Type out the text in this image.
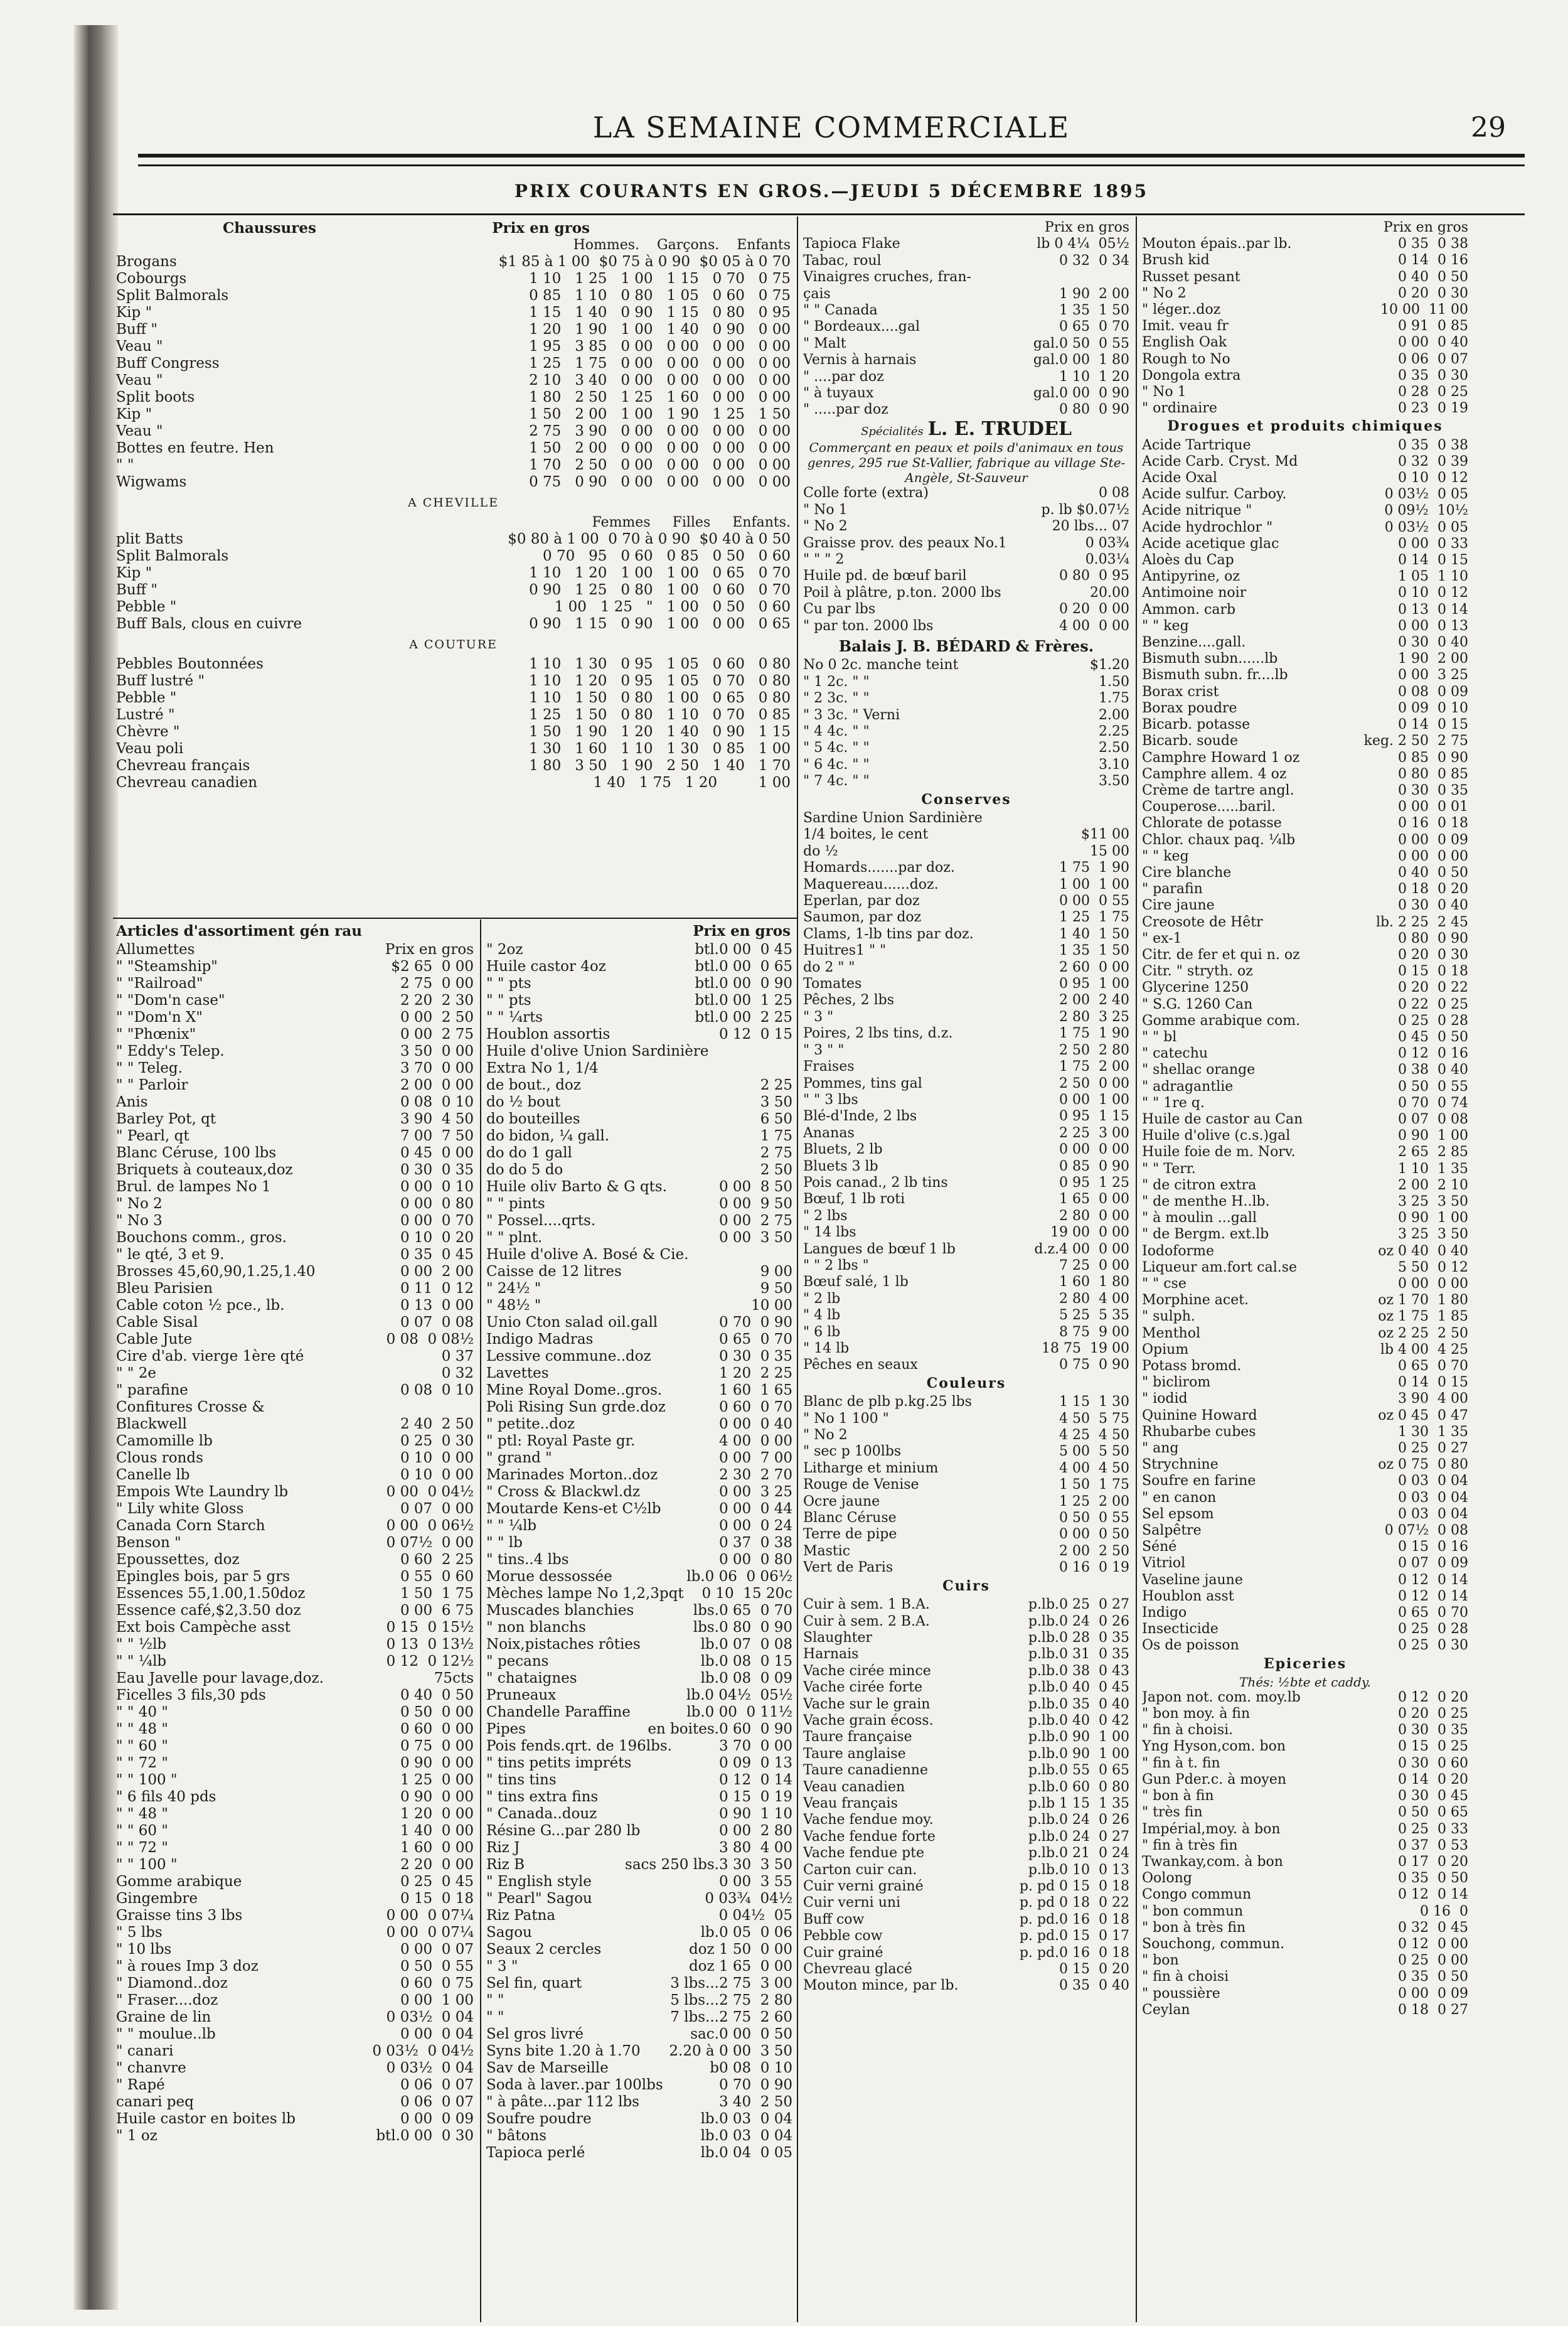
LA SEMAINE COMMERCIALE	29
PRIX COURANTS EN GROS.—JEUDI 5 DÉCEMBRE 1895
Chaussures	Prix en gros
Hommes.    Garçons.    Enfants
Brogans	$1 85 à 1 00  $0 75 à 0 90  $0 05 à 0 70
Cobourgs	1 10   1 25   1 00   1 15   0 70   0 75
Split Balmorals	0 85   1 10   0 80   1 05   0 60   0 75
Kip "	1 15   1 40   0 90   1 15   0 80   0 95
Buff "	1 20   1 90   1 00   1 40   0 90   0 00
Veau "	1 95   3 85   0 00   0 00   0 00   0 00
Buff Congress	1 25   1 75   0 00   0 00   0 00   0 00
Veau "	2 10   3 40   0 00   0 00   0 00   0 00
Split boots	1 80   2 50   1 25   1 60   0 00   0 00
Kip "	1 50   2 00   1 00   1 90   1 25   1 50
Veau "	2 75   3 90   0 00   0 00   0 00   0 00
Bottes en feutre. Hen	1 50   2 00   0 00   0 00   0 00   0 00
" "	1 70   2 50   0 00   0 00   0 00   0 00
Wigwams	0 75   0 90   0 00   0 00   0 00   0 00
A CHEVILLE
Femmes     Filles     Enfants.
plit Batts	$0 80 à 1 00  0 70 à 0 90  $0 40 à 0 50
Split Balmorals	0 70   95   0 60   0 85   0 50   0 60
Kip "	1 10   1 20   1 00   1 00   0 65   0 70
Buff "	0 90   1 25   0 80   1 00   0 60   0 70
Pebble "	1 00   1 25   "   1 00   0 50   0 60
Buff Bals, clous en cuivre	0 90   1 15   0 90   1 00   0 00   0 65
A COUTURE
Pebbles Boutonnées	1 10   1 30   0 95   1 05   0 60   0 80
Buff lustré "	1 10   1 20   0 95   1 05   0 70   0 80
Pebble "	1 10   1 50   0 80   1 00   0 65   0 80
Lustré "	1 25   1 50   0 80   1 10   0 70   0 85
Chèvre "	1 50   1 90   1 20   1 40   0 90   1 15
Veau poli	1 30   1 60   1 10   1 30   0 85   1 00
Chevreau français	1 80   3 50   1 90   2 50   1 40   1 70
Chevreau canadien	1 40   1 75   1 20         1 00
Articles d'assortiment gén rau	Prix en gros
Allumettes	Prix en gros
" "Steamship"	$2 65  0 00
" "Railroad"	2 75  0 00
" "Dom'n case"	2 20  2 30
" "Dom'n X"	0 00  2 50
" "Phœnix"	0 00  2 75
" Eddy's Telep.	3 50  0 00
" " Teleg.	3 70  0 00
" " Parloir	2 00  0 00
Anis	0 08  0 10
Barley Pot, qt	3 90  4 50
" Pearl, qt	7 00  7 50
Blanc Céruse, 100 lbs	0 45  0 00
Briquets à couteaux,doz	0 30  0 35
Brul. de lampes No 1	0 00  0 10
" No 2	0 00  0 80
" No 3	0 00  0 70
Bouchons comm., gros.	0 10  0 20
" le qté, 3 et 9.	0 35  0 45
Brosses 45,60,90,1.25,1.40	0 00  2 00
Bleu Parisien	0 11  0 12
Cable coton ½ pce., lb.	0 13  0 00
Cable Sisal	0 07  0 08
Cable Jute	0 08  0 08½
Cire d'ab. vierge 1ère qté	0 37
" " 2e	0 32
" parafine	0 08  0 10
Confitures Crosse &
Blackwell	2 40  2 50
Camomille lb	0 25  0 30
Clous ronds	0 10  0 00
Canelle lb	0 10  0 00
Empois Wte Laundry lb	0 00  0 04½
" Lily white Gloss	0 07  0 00
Canada Corn Starch	0 00  0 06½
Benson "	0 07½  0 00
Epoussettes, doz	0 60  2 25
Epingles bois, par 5 grs	0 55  0 60
Essences 55,1.00,1.50doz	1 50  1 75
Essence café,$2,3.50 doz	0 00  6 75
Ext bois Campèche asst	0 15  0 15½
" " ½lb	0 13  0 13½
" " ¼lb	0 12  0 12½
Eau Javelle pour lavage,doz.	75cts
Ficelles 3 fils,30 pds	0 40  0 50
" " 40 "	0 50  0 00
" " 48 "	0 60  0 00
" " 60 "	0 75  0 00
" " 72 "	0 90  0 00
" " 100 "	1 25  0 00
" 6 fils 40 pds	0 90  0 00
" " 48 "	1 20  0 00
" " 60 "	1 40  0 00
" " 72 "	1 60  0 00
" " 100 "	2 20  0 00
Gomme arabique	0 25  0 45
Gingembre	0 15  0 18
Graisse tins 3 lbs	0 00  0 07¼
" 5 lbs	0 00  0 07¼
" 10 lbs	0 00  0 07
" à roues Imp 3 doz	0 50  0 55
" Diamond..doz	0 60  0 75
" Fraser....doz	0 00  1 00
Graine de lin	0 03½  0 04
" " moulue..lb	0 00  0 04
" canari	0 03½  0 04½
" chanvre	0 03½  0 04
" Rapé	0 06  0 07
canari peq	0 06  0 07
Huile castor en boites lb	0 00  0 09
" 1 oz	btl.0 00  0 30
" 2oz	btl.0 00  0 45
Huile castor 4oz	btl.0 00  0 65
" " pts	btl.0 00  0 90
" " pts	btl.0 00  1 25
" " ¼rts	btl.0 00  2 25
Houblon assortis	0 12  0 15
Huile d'olive Union Sardinière
Extra No 1, 1/4
de bout., doz	2 25
do ½ bout	3 50
do bouteilles	6 50
do bidon, ¼ gall.	1 75
do do 1 gall	2 75
do do 5 do	2 50
Huile oliv Barto & G qts.	0 00  8 50
" " pints	0 00  9 50
" Possel....qrts.	0 00  2 75
" " plnt.	0 00  3 50
Huile d'olive A. Bosé & Cie.
Caisse de 12 litres	9 00
" 24½ "	9 50
" 48½ "	10 00
Unio Cton salad oil.gall	0 70  0 90
Indigo Madras	0 65  0 70
Lessive commune..doz	0 30  0 35
Lavettes	1 20  2 25
Mine Royal Dome..gros.	1 60  1 65
Poli Rising Sun grde.doz	0 60  0 70
" petite..doz	0 00  0 40
" ptl: Royal Paste gr.	4 00  0 00
" grand "	0 00  7 00
Marinades Morton..doz	2 30  2 70
" Cross & Blackwl.dz	0 00  3 25
Moutarde Kens-et C½lb	0 00  0 44
" " ¼lb	0 00  0 24
" " lb	0 37  0 38
" tins..4 lbs	0 00  0 80
Morue dessossée	lb.0 06  0 06½
Mèches lampe No 1,2,3pqt	0 10  15 20c
Muscades blanchies	lbs.0 65  0 70
" non blanchs	lbs.0 80  0 90
Noix,pistaches rôties	lb.0 07  0 08
" pecans	lb.0 08  0 15
" chataignes	lb.0 08  0 09
Pruneaux	lb.0 04½  05½
Chandelle Paraffine	lb.0 00  0 11½
Pipes	en boites.0 60  0 90
Pois fends.qrt. de 196lbs.	3 70  0 00
" tins petits impréts	0 09  0 13
" tins tins	0 12  0 14
" tins extra fins	0 15  0 19
" Canada..douz	0 90  1 10
Résine G...par 280 lb	0 00  2 80
Riz J	3 80  4 00
Riz B	sacs 250 lbs.3 30  3 50
" English style	0 00  3 55
" Pearl" Sagou	0 03¾  04½
Riz Patna	0 04½  05
Sagou	lb.0 05  0 06
Seaux 2 cercles	doz 1 50  0 00
" 3 "	doz 1 65  0 00
Sel fin, quart	3 lbs...2 75  3 00
" "	5 lbs...2 75  2 80
" "	7 lbs...2 75  2 60
Sel gros livré	sac.0 00  0 50
Syns bite 1.20 à 1.70	2.20 à 0 00  3 50
Sav de Marseille	b0 08  0 10
Soda à laver..par 100lbs	0 70  0 90
" à pâte...par 112 lbs	3 40  2 50
Soufre poudre	lb.0 03  0 04
" bâtons	lb.0 03  0 04
Tapioca perlé	lb.0 04  0 05
Prix en gros
Tapioca Flake	lb 0 4¼  05½
Tabac, roul	0 32  0 34
Vinaigres cruches, fran-
çais	1 90  2 00
" " Canada	1 35  1 50
" Bordeaux....gal	0 65  0 70
" Malt	gal.0 50  0 55
Vernis à harnais	gal.0 00  1 80
" ....par doz	1 10  1 20
" à tuyaux	gal.0 00  0 90
" .....par doz	0 80  0 90
Spécialités L. E. TRUDEL
Commerçant en peaux et poils d'animaux en tous genres, 295 rue St-Vallier, fabrique au village Ste-Angèle, St-Sauveur
Colle forte (extra)	0 08
" No 1	p. lb $0.07½
" No 2	20 lbs... 07
Graisse prov. des peaux No.1	0 03¾
" " " 2	0.03¼
Huile pd. de bœuf baril	0 80  0 95
Poil à plâtre, p.ton. 2000 lbs	20.00
Cu par lbs	0 20  0 00
" par ton. 2000 lbs	4 00  0 00
Balais J. B. BÉDARD & Frères.
No 0 2c. manche teint	$1.20
" 1 2c. " "	1.50
" 2 3c. " "	1.75
" 3 3c. " Verni	2.00
" 4 4c. " "	2.25
" 5 4c. " "	2.50
" 6 4c. " "	3.10
" 7 4c. " "	3.50
Conserves
Sardine Union Sardinière
1/4 boites, le cent	$11 00
do ½	15 00
Homards.......par doz.	1 75  1 90
Maquereau......doz.	1 00  1 00
Eperlan, par doz	0 00  0 55
Saumon, par doz	1 25  1 75
Clams, 1-lb tins par doz.	1 40  1 50
Huitres1 " "	1 35  1 50
do 2 " "	2 60  0 00
Tomates	0 95  1 00
Pêches, 2 lbs	2 00  2 40
" 3 "	2 80  3 25
Poires, 2 lbs tins, d.z.	1 75  1 90
" 3 " "	2 50  2 80
Fraises	1 75  2 00
Pommes, tins gal	2 50  0 00
" " 3 lbs	0 00  1 00
Blé-d'Inde, 2 lbs	0 95  1 15
Ananas	2 25  3 00
Bluets, 2 lb	0 00  0 00
Bluets 3 lb	0 85  0 90
Pois canad., 2 lb tins	0 95  1 25
Bœuf, 1 lb roti	1 65  0 00
" 2 lbs	2 80  0 00
" 14 lbs	19 00  0 00
Langues de bœuf 1 lb	d.z.4 00  0 00
" " 2 lbs "	7 25  0 00
Bœuf salé, 1 lb	1 60  1 80
" 2 lb	2 80  4 00
" 4 lb	5 25  5 35
" 6 lb	8 75  9 00
" 14 lb	18 75  19 00
Pêches en seaux	0 75  0 90
Couleurs
Blanc de plb p.kg.25 lbs	1 15  1 30
" No 1 100 "	4 50  5 75
" No 2	4 25  4 50
" sec p 100lbs	5 00  5 50
Litharge et minium	4 00  4 50
Rouge de Venise	1 50  1 75
Ocre jaune	1 25  2 00
Blanc Céruse	0 50  0 55
Terre de pipe	0 00  0 50
Mastic	2 00  2 50
Vert de Paris	0 16  0 19
Cuirs
Cuir à sem. 1 B.A.	p.lb.0 25  0 27
Cuir à sem. 2 B.A.	p.lb.0 24  0 26
Slaughter	p.lb.0 28  0 35
Harnais	p.lb.0 31  0 35
Vache cirée mince	p.lb.0 38  0 43
Vache cirée forte	p.lb.0 40  0 45
Vache sur le grain	p.lb.0 35  0 40
Vache grain écoss.	p.lb.0 40  0 42
Taure française	p.lb.0 90  1 00
Taure anglaise	p.lb.0 90  1 00
Taure canadienne	p.lb.0 55  0 65
Veau canadien	p.lb.0 60  0 80
Veau français	p.lb 1 15  1 35
Vache fendue moy.	p.lb.0 24  0 26
Vache fendue forte	p.lb.0 24  0 27
Vache fendue pte	p.lb.0 21  0 24
Carton cuir can.	p.lb.0 10  0 13
Cuir verni grainé	p. pd 0 15  0 18
Cuir verni uni	p. pd 0 18  0 22
Buff cow	p. pd.0 16  0 18
Pebble cow	p. pd.0 15  0 17
Cuir grainé	p. pd.0 16  0 18
Chevreau glacé	0 15  0 20
Mouton mince, par lb.	0 35  0 40
Prix en gros
Mouton épais..par lb.	0 35  0 38
Brush kid	0 14  0 16
Russet pesant	0 40  0 50
" No 2	0 20  0 30
" léger..doz	10 00  11 00
Imit. veau fr	0 91  0 85
English Oak	0 00  0 40
Rough to No	0 06  0 07
Dongola extra	0 35  0 30
" No 1	0 28  0 25
" ordinaire	0 23  0 19
Drogues et produits chimiques
Acide Tartrique	0 35  0 38
Acide Carb. Cryst. Md	0 32  0 39
Acide Oxal	0 10  0 12
Acide sulfur. Carboy.	0 03½  0 05
Acide nitrique "	0 09½  10½
Acide hydrochlor "	0 03½  0 05
Acide acetique glac	0 00  0 33
Aloès du Cap	0 14  0 15
Antipyrine, oz	1 05  1 10
Antimoine noir	0 10  0 12
Ammon. carb	0 13  0 14
" " keg	0 00  0 13
Benzine....gall.	0 30  0 40
Bismuth subn......lb	1 90  2 00
Bismuth subn. fr....lb	0 00  3 25
Borax crist	0 08  0 09
Borax poudre	0 09  0 10
Bicarb. potasse	0 14  0 15
Bicarb. soude	keg. 2 50  2 75
Camphre Howard 1 oz	0 85  0 90
Camphre allem. 4 oz	0 80  0 85
Crème de tartre angl.	0 30  0 35
Couperose.....baril.	0 00  0 01
Chlorate de potasse	0 16  0 18
Chlor. chaux paq. ¼lb	0 00  0 09
" " keg	0 00  0 00
Cire blanche	0 40  0 50
" parafin	0 18  0 20
Cire jaune	0 30  0 40
Creosote de Hêtr	lb. 2 25  2 45
" ex-1	0 80  0 90
Citr. de fer et qui n. oz	0 20  0 30
Citr. " stryth. oz	0 15  0 18
Glycerine 1250	0 20  0 22
" S.G. 1260 Can	0 22  0 25
Gomme arabique com.	0 25  0 28
" " bl	0 45  0 50
" catechu	0 12  0 16
" shellac orange	0 38  0 40
" adragantlie	0 50  0 55
" " 1re q.	0 70  0 74
Huile de castor au Can	0 07  0 08
Huile d'olive (c.s.)gal	0 90  1 00
Huile foie de m. Norv.	2 65  2 85
" " Terr.	1 10  1 35
" de citron extra	2 00  2 10
" de menthe H..lb.	3 25  3 50
" à moulin ...gall	0 90  1 00
" de Bergm. ext.lb	3 25  3 50
Iodoforme	oz 0 40  0 40
Liqueur am.fort cal.se	5 50  0 12
" " cse	0 00  0 00
Morphine acet.	oz 1 70  1 80
" sulph.	oz 1 75  1 85
Menthol	oz 2 25  2 50
Opium	lb 4 00  4 25
Potass bromd.	0 65  0 70
" biclirom	0 14  0 15
" iodid	3 90  4 00
Quinine Howard	oz 0 45  0 47
Rhubarbe cubes	1 30  1 35
" ang	0 25  0 27
Strychnine	oz 0 75  0 80
Soufre en farine	0 03  0 04
" en canon	0 03  0 04
Sel epsom	0 03  0 04
Salpêtre	0 07½  0 08
Séné	0 15  0 16
Vitriol	0 07  0 09
Vaseline jaune	0 12  0 14
Houblon asst	0 12  0 14
Indigo	0 65  0 70
Insecticide	0 25  0 28
Os de poisson	0 25  0 30
Epiceries
Thés: ½bte et caddy.
Japon not. com. moy.lb	0 12  0 20
" bon moy. à fin	0 20  0 25
" fin à choisi.	0 30  0 35
Yng Hyson,com. bon	0 15  0 25
" fin à t. fin	0 30  0 60
Gun Pder.c. à moyen	0 14  0 20
" bon à fin	0 30  0 45
" très fin	0 50  0 65
Impérial,moy. à bon	0 25  0 33
" fin à très fin	0 37  0 53
Twankay,com. à bon	0 17  0 20
Oolong	0 35  0 50
Congo commun	0 12  0 14
" bon commun	0 16  0
" bon à très fin	0 32  0 45
Souchong, commun.	0 12  0 00
" bon	0 25  0 00
" fin à choisi	0 35  0 50
" poussière	0 00  0 09
Ceylan	0 18  0 27
